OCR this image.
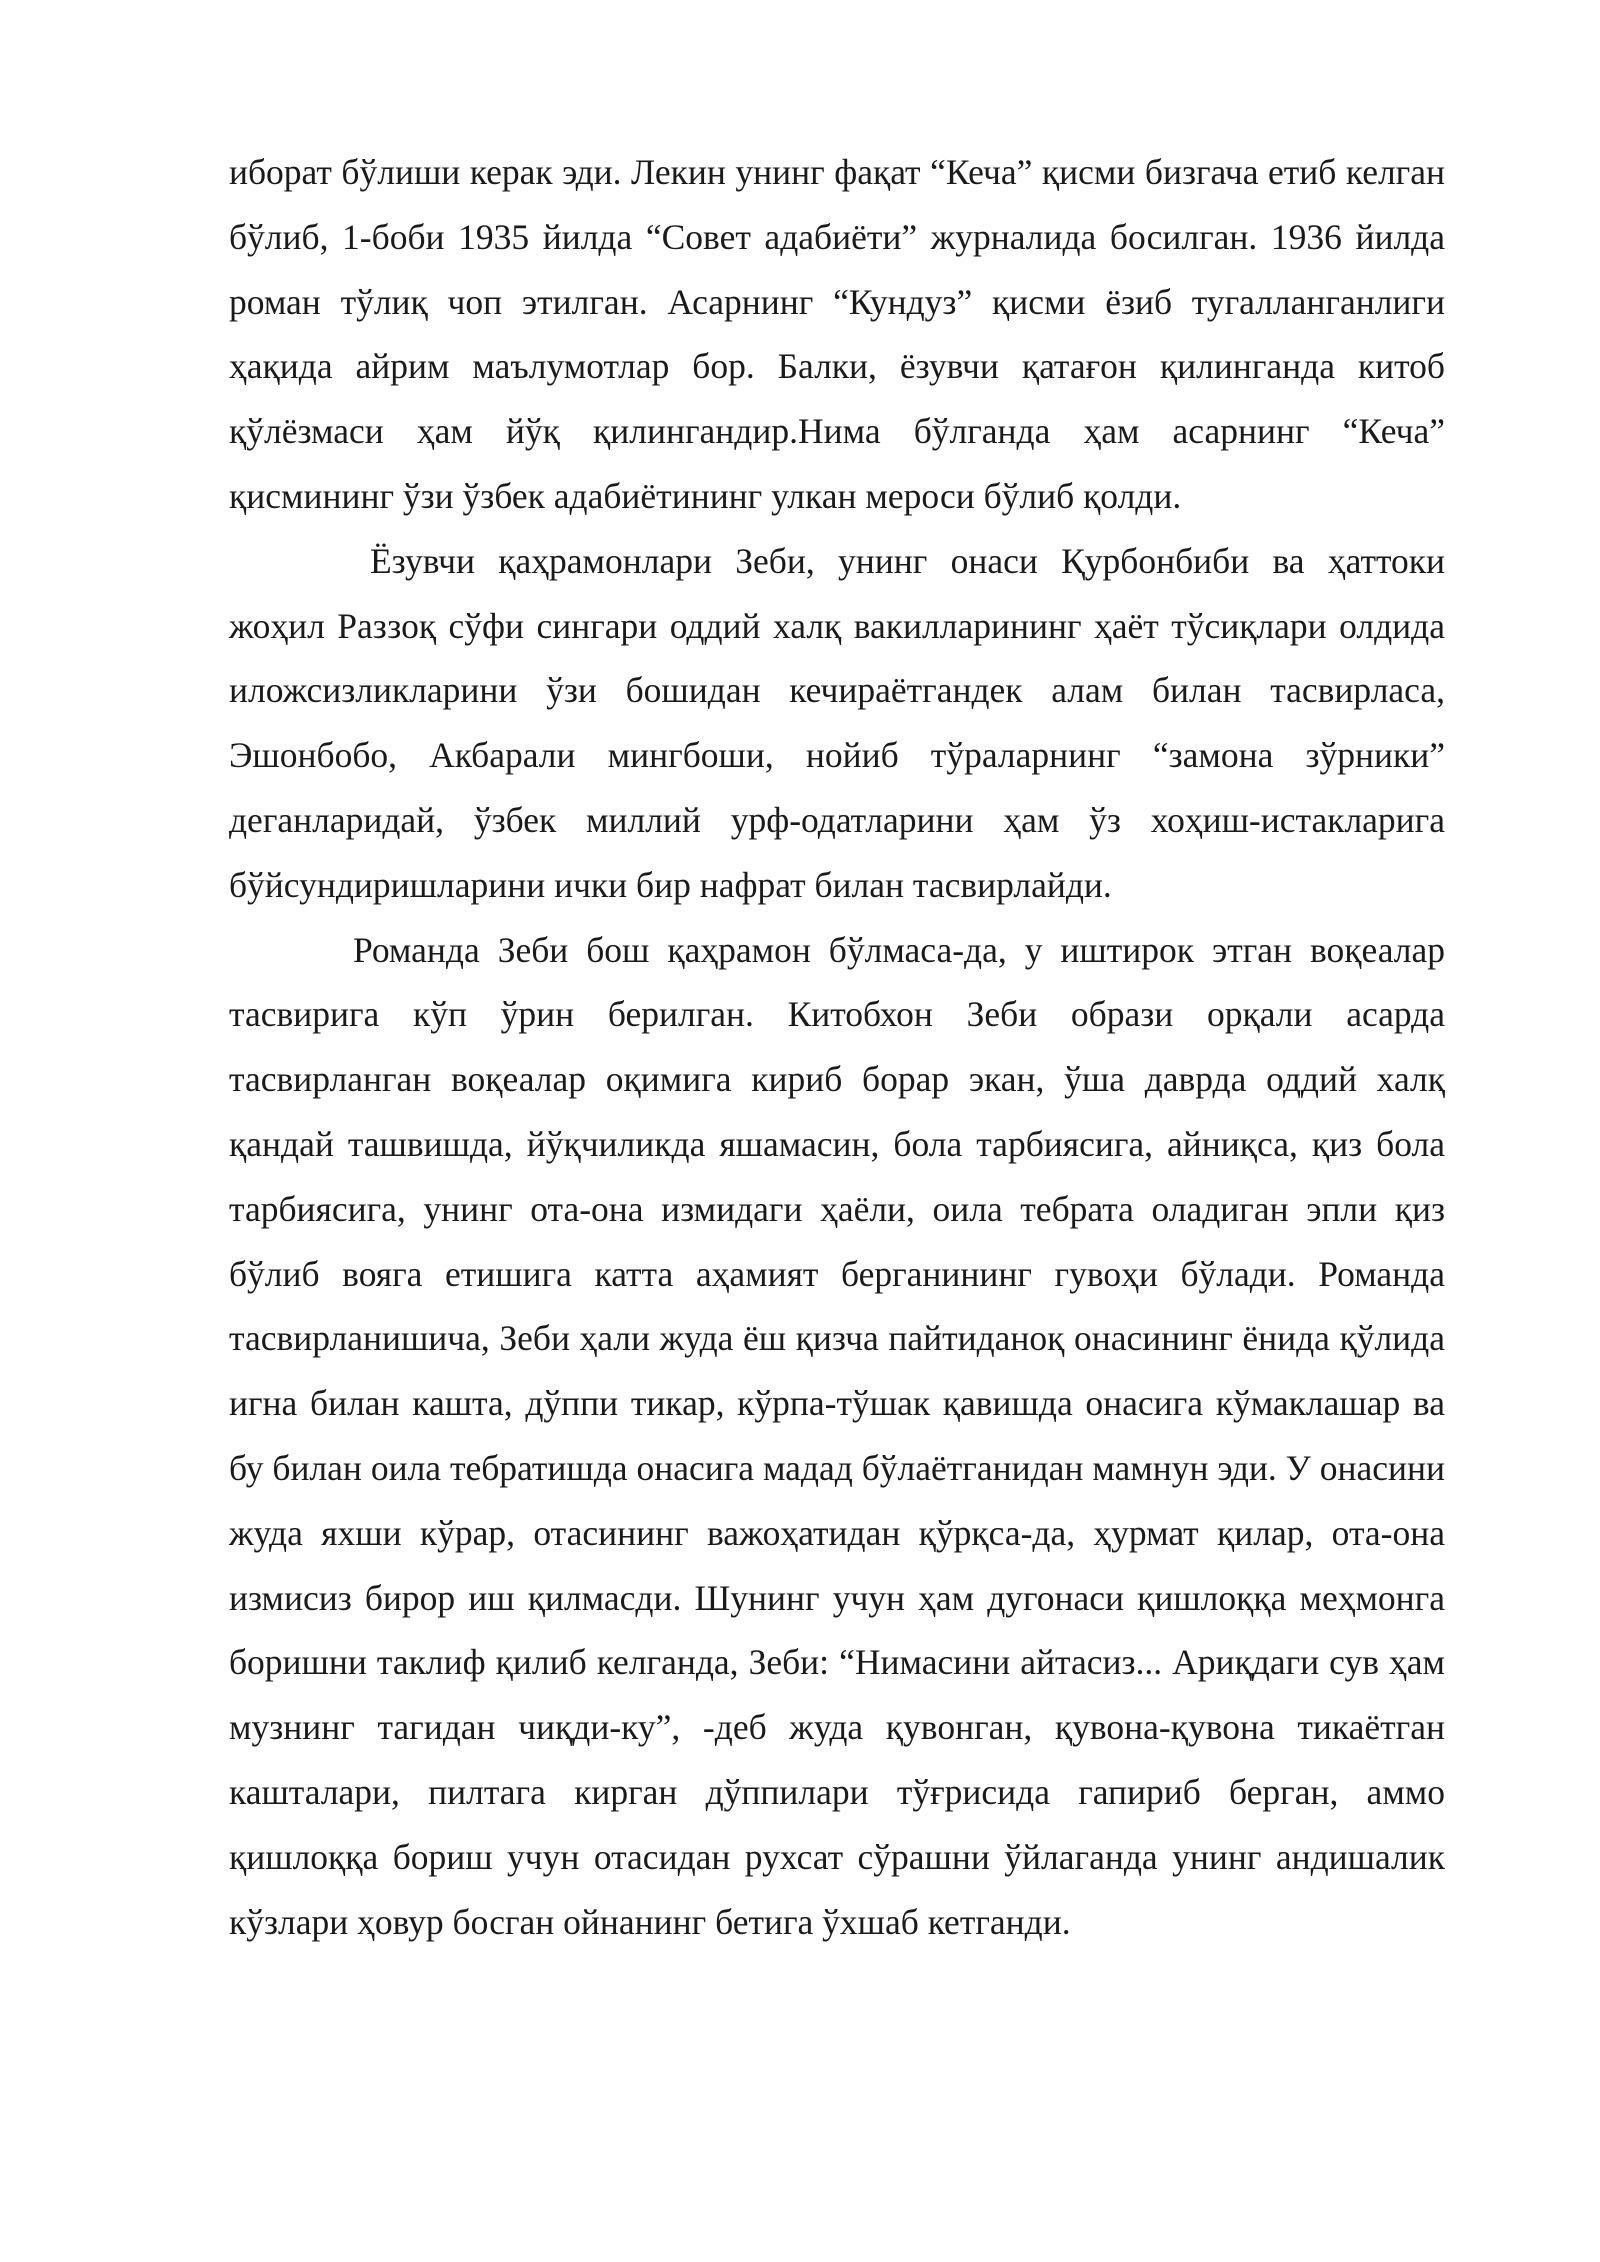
иборат бўлиши керак эди. Лекин унинг фақат “Кеча” қисми бизгача етиб келган бўлиб, 1-боби 1935 йилда “Совет адабиёти” журналида босилган. 1936 йилда роман тўлиқ чоп этилган. Асарнинг “Кундуз” қисми ёзиб тугалланганлиги ҳақида айрим маълумотлар бор. Балки, ёзувчи қатағон қилинганда китоб қўлёзмаси ҳам йўқ қилингандир.Нима бўлганда ҳам асарнинг “Кеча” қисмининг ўзи ўзбек адабиётининг улкан мероси бўлиб қолди.

Ёзувчи қаҳрамонлари Зеби, унинг онаси Қурбонбиби ва ҳаттоки жоҳил Раззоқ сўфи сингари оддий халқ вакилларининг ҳаёт тўсиқлари олдида иложсизликларини ўзи бошидан кечираётгандек алам билан тасвирласа, Эшонбобо, Акбарали мингбоши, нойиб тўраларнинг “замона зўрники” деганларидай, ўзбек миллий урф-одатларини ҳам ўз хоҳиш-истакларига бўйсундиришларини ички бир нафрат билан тасвирлайди.

Романда Зеби бош қаҳрамон бўлмаса-да, у иштирок этган воқеалар тасвирига кўп ўрин берилган. Китобхон Зеби образи орқали асарда тасвирланган воқеалар оқимига кириб борар экан, ўша даврда оддий халқ қандай ташвишда, йўқчиликда яшамасин, бола тарбиясига, айниқса, қиз бола тарбиясига, унинг ота-она измидаги ҳаёли, оила тебрата оладиган эпли қиз бўлиб вояга етишига катта аҳамият берганининг гувоҳи бўлади. Романда тасвирланишича, Зеби ҳали жуда ёш қизча пайтиданоқ онасининг ёнида қўлида игна билан кашта, дўппи тикар, кўрпа-тўшак қавишда онасига кўмаклашар ва бу билан оила тебратишда онасига мадад бўлаётганидан мамнун эди. У онасини жуда яхши кўрар, отасининг важоҳатидан қўрқса-да, ҳурмат қилар, ота-она измисиз бирор иш қилмасди. Шунинг учун ҳам дугонаси қишлоққа меҳмонга боришни таклиф қилиб келганда, Зеби: “Нимасини айтасиз... Ариқдаги сув ҳам музнинг тагидан чиқди-ку”, -деб жуда қувонган, қувона-қувона тикаётган кашталари, пилтага кирган дўппилари тўғрисида гапириб берган, аммо қишлоққа бориш учун отасидан рухсат сўрашни ўйлаганда унинг андишалик кўзлари ҳовур босган ойнанинг бетига ўхшаб кетганди.
